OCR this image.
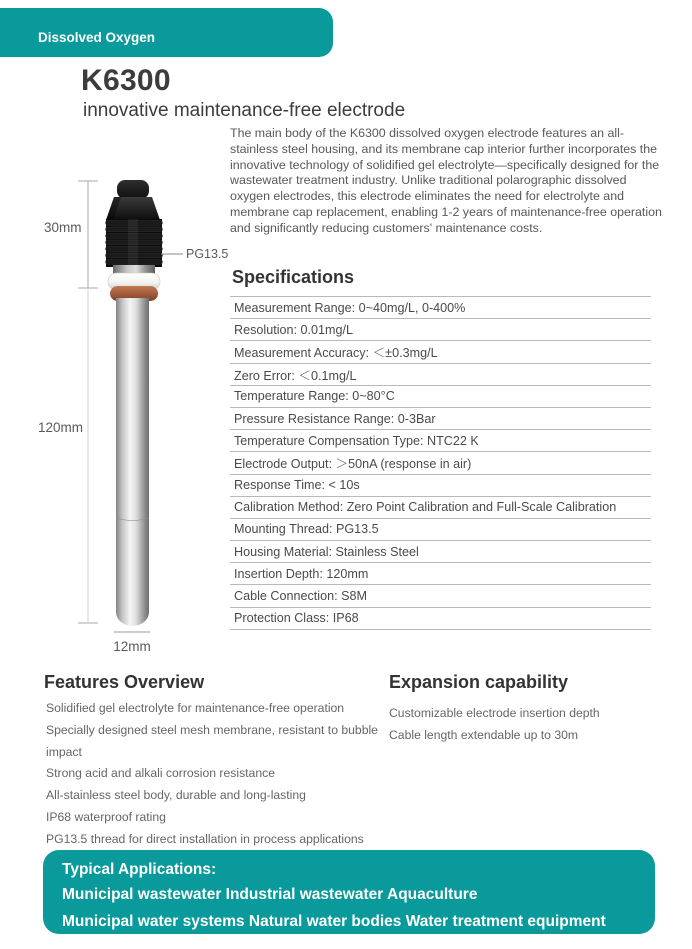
Dissolved Oxygen
K6300
innovative maintenance-free electrode
The main body of the K6300 dissolved oxygen electrode features an all-stainless steel housing, and its membrane cap interior further incorporates the innovative technology of solidified gel electrolyte—specifically designed for the wastewater treatment industry. Unlike traditional polarographic dissolved oxygen electrodes, this electrode eliminates the need for electrolyte and membrane cap replacement, enabling 1-2 years of maintenance-free operation and significantly reducing customers' maintenance costs.
30mm
120mm
PG13.5
12mm
Specifications
Measurement Range: 0~40mg/L, 0-400%
Resolution: 0.01mg/L
Measurement Accuracy: ＜±0.3mg/L
Zero Error: ＜0.1mg/L
Temperature Range: 0~80°C
Pressure Resistance Range: 0-3Bar
Temperature Compensation Type: NTC22 K
Electrode Output: ＞50nA (response in air)
Response Time: < 10s
Calibration Method: Zero Point Calibration and Full-Scale Calibration
Mounting Thread: PG13.5
Housing Material: Stainless Steel
Insertion Depth: 120mm
Cable Connection: S8M
Protection Class: IP68
Features Overview
Solidified gel electrolyte for maintenance-free operation
Specially designed steel mesh membrane, resistant to bubble impact
Strong acid and alkali corrosion resistance
All-stainless steel body, durable and long-lasting
IP68 waterproof rating
PG13.5 thread for direct installation in process applications
Expansion capability
Customizable electrode insertion depth
Cable length extendable up to 30m
Typical Applications:
Municipal wastewater Industrial wastewater Aquaculture
Municipal water systems Natural water bodies Water treatment equipment
